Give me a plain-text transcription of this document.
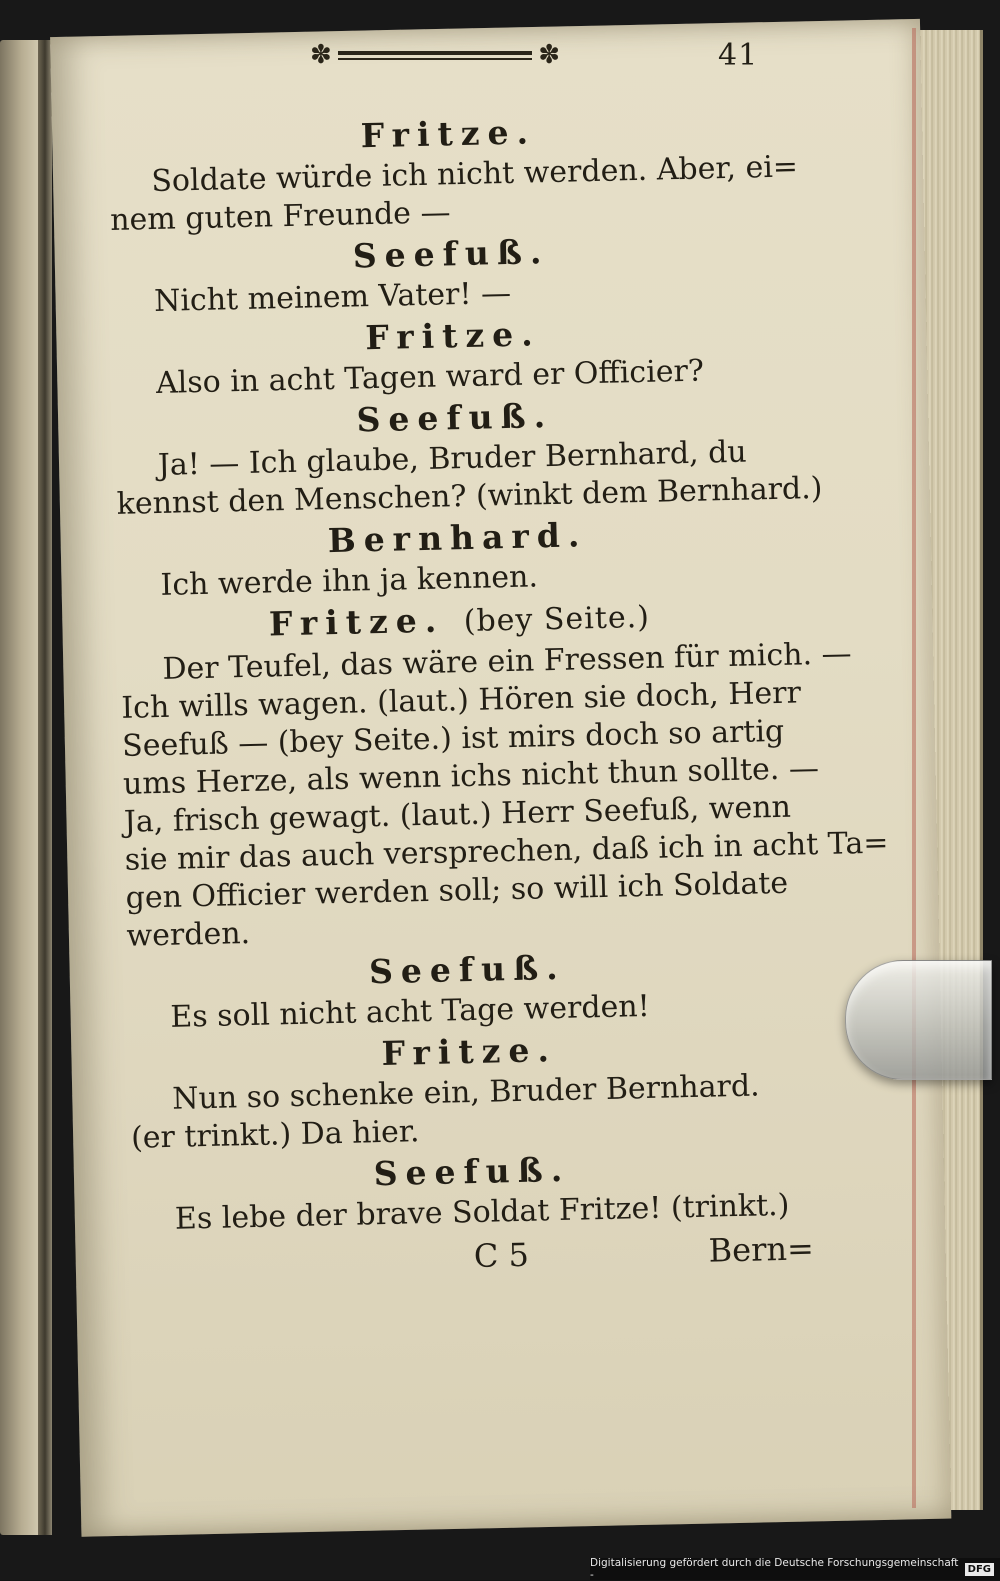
✽	✽	41

Fritze.

Soldate würde ich nicht werden. Aber, ei=

nem guten Freunde —

Seefuß.

Nicht meinem Vater! —

Fritze.

Also in acht Tagen ward er Officier?

Seefuß.

Ja! — Ich glaube, Bruder Bernhard, du

kennst den Menschen? (winkt dem Bernhard.)

Bernhard.

Ich werde ihn ja kennen.

Fritze. (bey Seite.)

Der Teufel, das wäre ein Fressen für mich. —

Ich wills wagen. (laut.) Hören sie doch, Herr

Seefuß — (bey Seite.) ist mirs doch so artig

ums Herze, als wenn ichs nicht thun sollte. —

Ja, frisch gewagt. (laut.) Herr Seefuß, wenn

sie mir das auch versprechen, daß ich in acht Ta=

gen Officier werden soll; so will ich Soldate

werden.

Seefuß.

Es soll nicht acht Tage werden!

Fritze.

Nun so schenke ein, Bruder Bernhard.

(er trinkt.) Da hier.

Seefuß.

Es lebe der brave Soldat Fritze! (trinkt.)

C 5	Bern=
Digitalisierung gefördert durch die Deutsche Forschungsgemeinschaft -	DFG
